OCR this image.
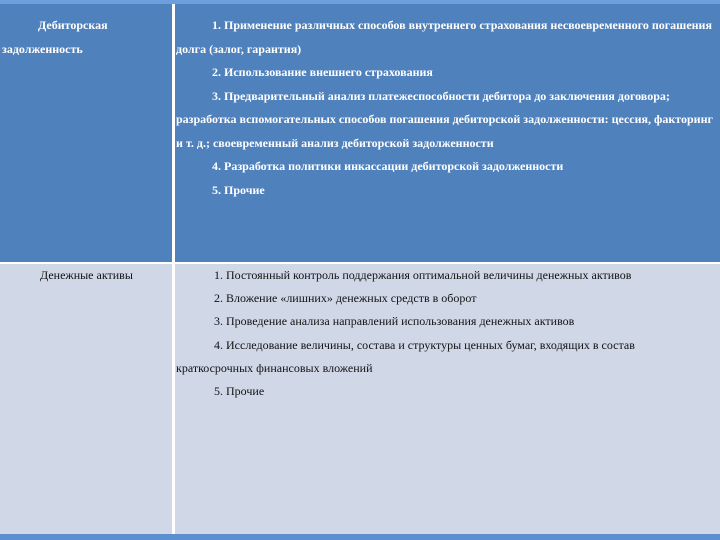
Дебиторская задолженность

1. Применение различных способов внутреннего страхования несвоевременного погашения долга (залог, гарантия)

2. Использование внешнего страхования

3. Предварительный анализ платежеспособности дебитора до заключения договора; разработка вспомогательных способов погашения дебиторской задолженности: цессия, факторинг и т. д.; своевременный анализ дебиторской задолженности

4. Разработка политики инкассации дебиторской задолженности

5. Прочие

Денежные активы	1. Постоянный контроль поддержания оптимальной величины денежных активов

2. Вложение «лишних» денежных средств в оборот

3. Проведение анализа направлений использования денежных активов

4. Исследование величины, состава и структуры ценных бумаг, входящих в состав краткосрочных финансовых вложений

5. Прочие
